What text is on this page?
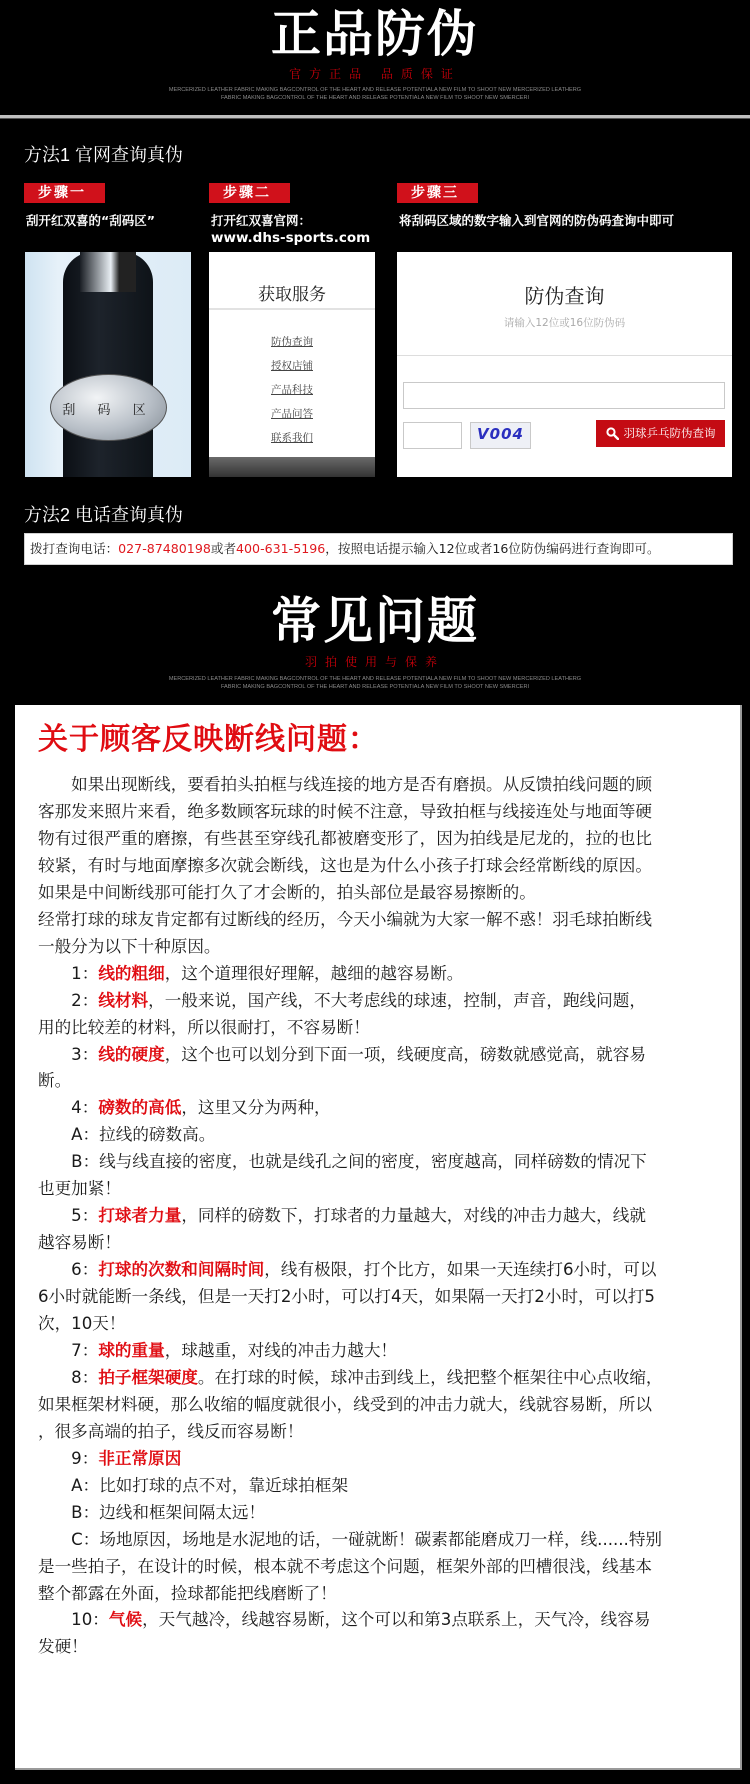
正品防伪
官方正品 品质保证
MERCERIZED LEATHER FABRIC MAKING BAGCONTROL OF THE HEART AND RELEASE POTENTIALA NEW FILM TO SHOOT NEW MERCERIZED LEATHERG
FABRIC MAKING BAGCONTROL OF THE HEART AND RELEASE POTENTIALA NEW FILM TO SHOOT NEW SMERCERI
方法1 官网查询真伪
步骤一	步骤二	步骤三
刮开红双喜的“刮码区”	打开红双喜官网：
www.dhs-sports.com
将刮码区域的数字输入到官网的防伪码查询中即可
刮 码 区
获取服务
防伪查询
授权店铺
产品科技
产品问答
联系我们
防伪查询
请输入12位或16位防伪码
V004	羽球乒乓防伪查询
方法2 电话查询真伪
拨打查询电话：027-87480198或者400-631-5196，按照电话提示输入12位或者16位防伪编码进行查询即可。
常见问题
羽拍使用与保养
MERCERIZED LEATHER FABRIC MAKING BAGCONTROL OF THE HEART AND RELEASE POTENTIALA NEW FILM TO SHOOT NEW MERCERIZED LEATHERG
FABRIC MAKING BAGCONTROL OF THE HEART AND RELEASE POTENTIALA NEW FILM TO SHOOT NEW SMERCERI
关于顾客反映断线问题：
　　如果出现断线，要看拍头拍框与线连接的地方是否有磨损。从反馈拍线问题的顾
客那发来照片来看，绝多数顾客玩球的时候不注意，导致拍框与线接连处与地面等硬
物有过很严重的磨擦，有些甚至穿线孔都被磨变形了，因为拍线是尼龙的，拉的也比
较紧，有时与地面摩擦多次就会断线，这也是为什么小孩子打球会经常断线的原因。
如果是中间断线那可能打久了才会断的，拍头部位是最容易擦断的。
经常打球的球友肯定都有过断线的经历，今天小编就为大家一解不惑！羽毛球拍断线
一般分为以下十种原因。
　　1：线的粗细，这个道理很好理解，越细的越容易断。
　　2：线材料，一般来说，国产线，不大考虑线的球速，控制，声音，跑线问题，
用的比较差的材料，所以很耐打，不容易断！
　　3：线的硬度，这个也可以划分到下面一项，线硬度高，磅数就感觉高，就容易
断。
　　4：磅数的高低，这里又分为两种，
　　A：拉线的磅数高。
　　B：线与线直接的密度，也就是线孔之间的密度，密度越高，同样磅数的情况下
也更加紧！
　　5：打球者力量，同样的磅数下，打球者的力量越大，对线的冲击力越大，线就
越容易断！
　　6：打球的次数和间隔时间，线有极限，打个比方，如果一天连续打6小时，可以
6小时就能断一条线，但是一天打2小时，可以打4天，如果隔一天打2小时，可以打5
次，10天！
　　7：球的重量，球越重，对线的冲击力越大！
　　8：拍子框架硬度。在打球的时候，球冲击到线上，线把整个框架往中心点收缩，
如果框架材料硬，那么收缩的幅度就很小，线受到的冲击力就大，线就容易断，所以
，很多高端的拍子，线反而容易断！
　　9：非正常原因
　　A：比如打球的点不对，靠近球拍框架
　　B：边线和框架间隔太远！
　　C：场地原因，场地是水泥地的话，一碰就断！碳素都能磨成刀一样，线......特别
是一些拍子，在设计的时候，根本就不考虑这个问题，框架外部的凹槽很浅，线基本
整个都露在外面，捡球都能把线磨断了！
　　10：气候，天气越冷，线越容易断，这个可以和第3点联系上，天气冷，线容易
发硬！
